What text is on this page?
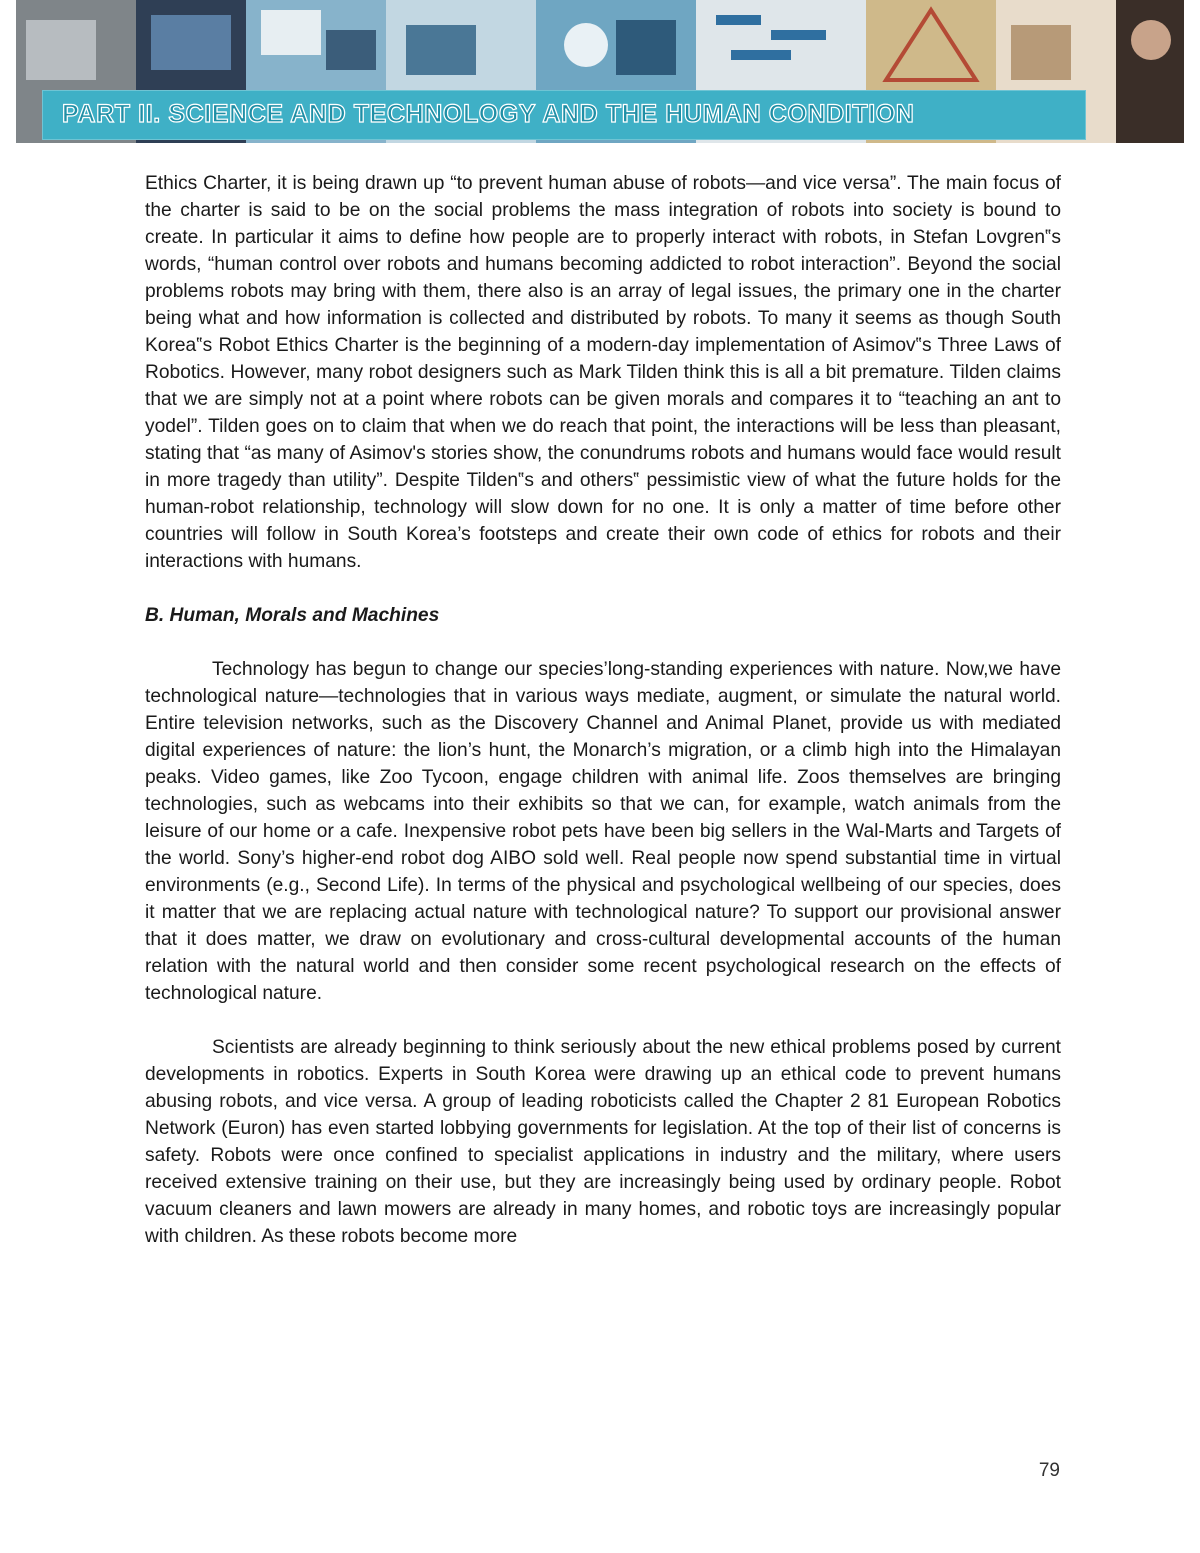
PART II. SCIENCE AND TECHNOLOGY AND THE HUMAN CONDITION

Ethics Charter, it is being drawn up “to prevent human abuse of robots—and vice versa”. The main focus of the charter is said to be on the social problems the mass integration of robots into society is bound to create. In particular it aims to define how people are to properly interact with robots, in Stefan Lovgren‟s words, “human control over robots and humans becoming addicted to robot interaction”. Beyond the social problems robots may bring with them, there also is an array of legal issues, the primary one in the charter being what and how information is collected and distributed by robots. To many it seems as though South Korea‟s Robot Ethics Charter is the beginning of a modern-day implementation of Asimov‟s Three Laws of Robotics. However, many robot designers such as Mark Tilden think this is all a bit premature. Tilden claims that we are simply not at a point where robots can be given morals and compares it to “teaching an ant to yodel”. Tilden goes on to claim that when we do reach that point, the interactions will be less than pleasant, stating that “as many of Asimov's stories show, the conundrums robots and humans would face would result in more tragedy than utility”. Despite Tilden‟s and others‟ pessimistic view of what the future holds for the human-robot relationship, technology will slow down for no one. It is only a matter of time before other countries will follow in South Korea’s footsteps and create their own code of ethics for robots and their interactions with humans.

B. Human, Morals and Machines

Technology has begun to change our species’long-standing experiences with nature. Now,we have technological nature—technologies that in various ways mediate, augment, or simulate the natural world. Entire television networks, such as the Discovery Channel and Animal Planet, provide us with mediated digital experiences of nature: the lion’s hunt, the Monarch’s migration, or a climb high into the Himalayan peaks. Video games, like Zoo Tycoon, engage children with animal life. Zoos themselves are bringing technologies, such as webcams into their exhibits so that we can, for example, watch animals from the leisure of our home or a cafe. Inexpensive robot pets have been big sellers in the Wal-Marts and Targets of the world. Sony’s higher-end robot dog AIBO sold well. Real people now spend substantial time in virtual environments (e.g., Second Life). In terms of the physical and psychological wellbeing of our species, does it matter that we are replacing actual nature with technological nature? To support our provisional answer that it does matter, we draw on evolutionary and cross-cultural developmental accounts of the human relation with the natural world and then consider some recent psychological research on the effects of technological nature.

Scientists are already beginning to think seriously about the new ethical problems posed by current developments in robotics. Experts in South Korea were drawing up an ethical code to prevent humans abusing robots, and vice versa. A group of leading roboticists called the Chapter 2 81 European Robotics Network (Euron) has even started lobbying governments for legislation. At the top of their list of concerns is safety. Robots were once confined to specialist applications in industry and the military, where users received extensive training on their use, but they are increasingly being used by ordinary people. Robot vacuum cleaners and lawn mowers are already in many homes, and robotic toys are increasingly popular with children. As these robots become more

79
